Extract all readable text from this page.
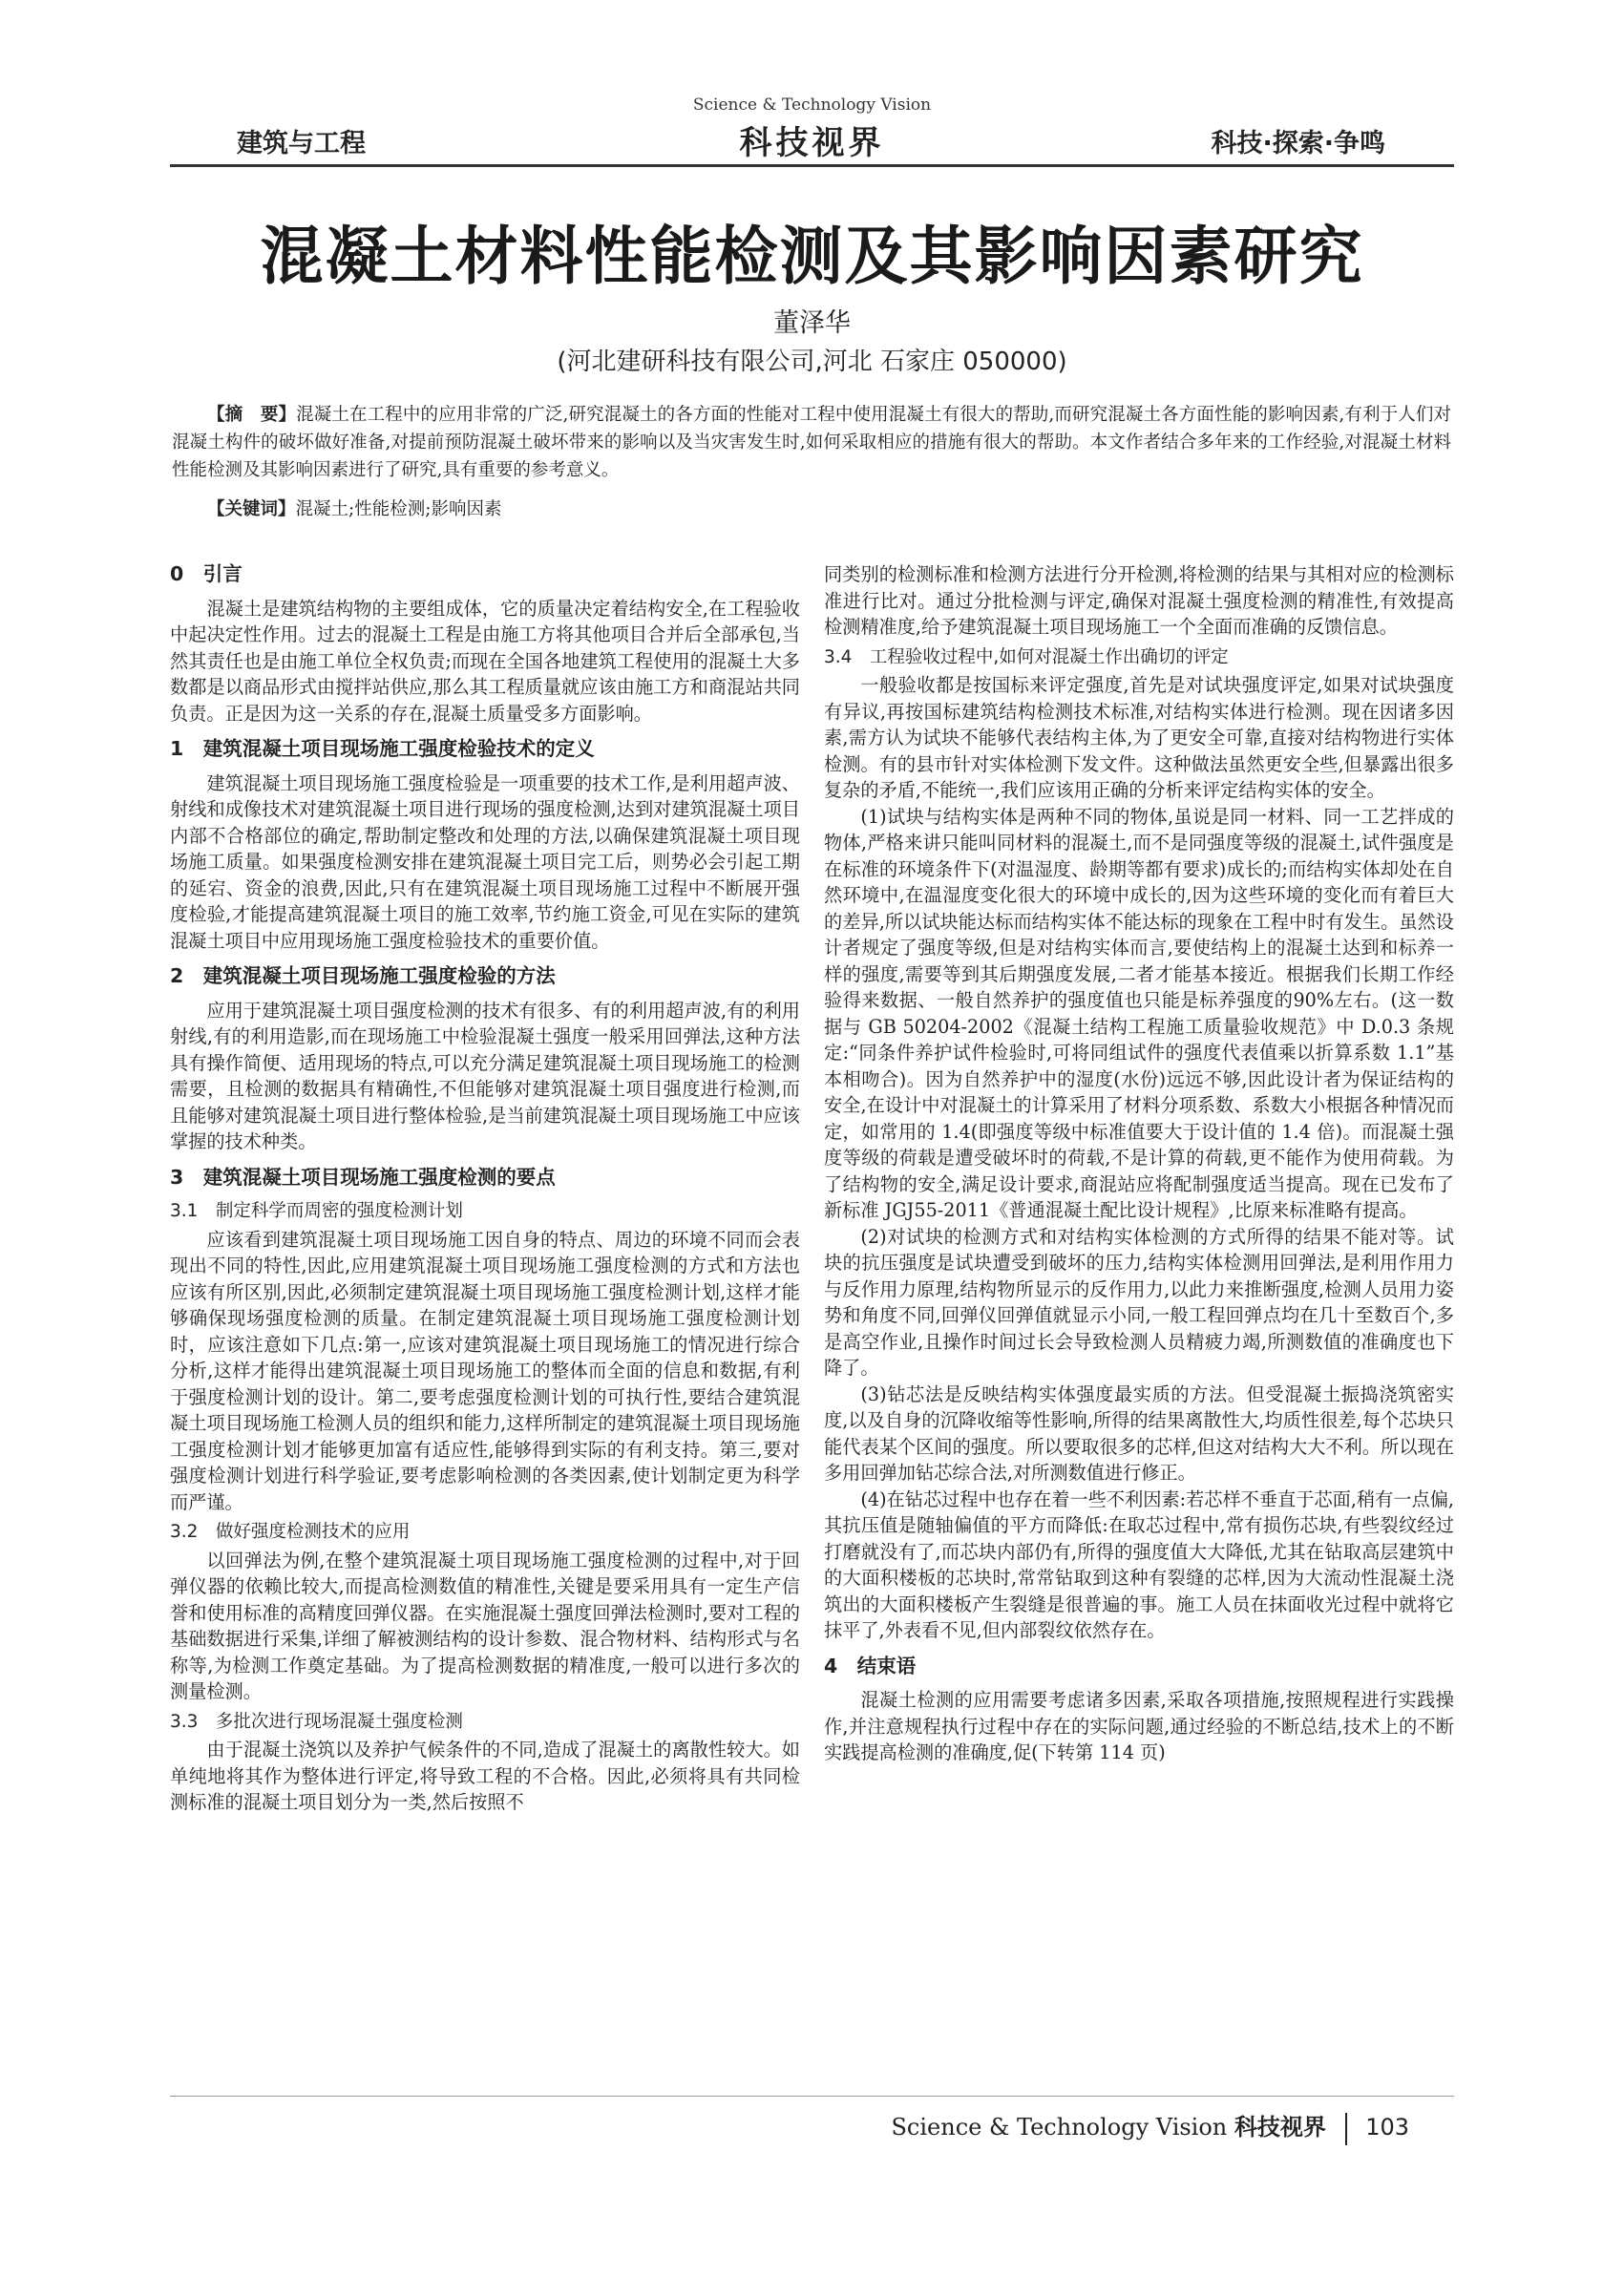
Science & Technology Vision
建筑与工程	科技视界	科技·探索·争鸣
混凝土材料性能检测及其影响因素研究
董泽华
(河北建研科技有限公司,河北 石家庄 050000)
【摘　要】混凝土在工程中的应用非常的广泛,研究混凝土的各方面的性能对工程中使用混凝土有很大的帮助,而研究混凝土各方面性能的影响因素,有利于人们对混凝土构件的破坏做好准备,对提前预防混凝土破坏带来的影响以及当灾害发生时,如何采取相应的措施有很大的帮助。本文作者结合多年来的工作经验,对混凝土材料性能检测及其影响因素进行了研究,具有重要的参考意义。
【关键词】混凝土;性能检测;影响因素
0　引言

混凝土是建筑结构物的主要组成体，它的质量决定着结构安全,在工程验收中起决定性作用。过去的混凝土工程是由施工方将其他项目合并后全部承包,当然其责任也是由施工单位全权负责;而现在全国各地建筑工程使用的混凝土大多数都是以商品形式由搅拌站供应,那么其工程质量就应该由施工方和商混站共同负责。正是因为这一关系的存在,混凝土质量受多方面影响。

1　建筑混凝土项目现场施工强度检验技术的定义

建筑混凝土项目现场施工强度检验是一项重要的技术工作,是利用超声波、射线和成像技术对建筑混凝土项目进行现场的强度检测,达到对建筑混凝土项目内部不合格部位的确定,帮助制定整改和处理的方法,以确保建筑混凝土项目现场施工质量。如果强度检测安排在建筑混凝土项目完工后，则势必会引起工期的延宕、资金的浪费,因此,只有在建筑混凝土项目现场施工过程中不断展开强度检验,才能提高建筑混凝土项目的施工效率,节约施工资金,可见在实际的建筑混凝土项目中应用现场施工强度检验技术的重要价值。

2　建筑混凝土项目现场施工强度检验的方法

应用于建筑混凝土项目强度检测的技术有很多、有的利用超声波,有的利用射线,有的利用造影,而在现场施工中检验混凝土强度一般采用回弹法,这种方法具有操作简便、适用现场的特点,可以充分满足建筑混凝土项目现场施工的检测需要，且检测的数据具有精确性,不但能够对建筑混凝土项目强度进行检测,而且能够对建筑混凝土项目进行整体检验,是当前建筑混凝土项目现场施工中应该掌握的技术种类。

3　建筑混凝土项目现场施工强度检测的要点
3.1　制定科学而周密的强度检测计划

应该看到建筑混凝土项目现场施工因自身的特点、周边的环境不同而会表现出不同的特性,因此,应用建筑混凝土项目现场施工强度检测的方式和方法也应该有所区别,因此,必须制定建筑混凝土项目现场施工强度检测计划,这样才能够确保现场强度检测的质量。在制定建筑混凝土项目现场施工强度检测计划时，应该注意如下几点:第一,应该对建筑混凝土项目现场施工的情况进行综合分析,这样才能得出建筑混凝土项目现场施工的整体而全面的信息和数据,有利于强度检测计划的设计。第二,要考虑强度检测计划的可执行性,要结合建筑混凝土项目现场施工检测人员的组织和能力,这样所制定的建筑混凝土项目现场施工强度检测计划才能够更加富有适应性,能够得到实际的有利支持。第三,要对强度检测计划进行科学验证,要考虑影响检测的各类因素,使计划制定更为科学而严谨。

3.2　做好强度检测技术的应用

以回弹法为例,在整个建筑混凝土项目现场施工强度检测的过程中,对于回弹仪器的依赖比较大,而提高检测数值的精准性,关键是要采用具有一定生产信誉和使用标准的高精度回弹仪器。在实施混凝土强度回弹法检测时,要对工程的基础数据进行采集,详细了解被测结构的设计参数、混合物材料、结构形式与名称等,为检测工作奠定基础。为了提高检测数据的精准度,一般可以进行多次的测量检测。

3.3　多批次进行现场混凝土强度检测

由于混凝土浇筑以及养护气候条件的不同,造成了混凝土的离散性较大。如单纯地将其作为整体进行评定,将导致工程的不合格。因此,必须将具有共同检测标准的混凝土项目划分为一类,然后按照不

同类别的检测标准和检测方法进行分开检测,将检测的结果与其相对应的检测标准进行比对。通过分批检测与评定,确保对混凝土强度检测的精准性,有效提高检测精准度,给予建筑混凝土项目现场施工一个全面而准确的反馈信息。

3.4　工程验收过程中,如何对混凝土作出确切的评定

一般验收都是按国标来评定强度,首先是对试块强度评定,如果对试块强度有异议,再按国标建筑结构检测技术标准,对结构实体进行检测。现在因诸多因素,需方认为试块不能够代表结构主体,为了更安全可靠,直接对结构物进行实体检测。有的县市针对实体检测下发文件。这种做法虽然更安全些,但暴露出很多复杂的矛盾,不能统一,我们应该用正确的分析来评定结构实体的安全。

(1)试块与结构实体是两种不同的物体,虽说是同一材料、同一工艺拌成的物体,严格来讲只能叫同材料的混凝土,而不是同强度等级的混凝土,试件强度是在标准的环境条件下(对温湿度、龄期等都有要求)成长的;而结构实体却处在自然环境中,在温湿度变化很大的环境中成长的,因为这些环境的变化而有着巨大的差异,所以试块能达标而结构实体不能达标的现象在工程中时有发生。虽然设计者规定了强度等级,但是对结构实体而言,要使结构上的混凝土达到和标养一样的强度,需要等到其后期强度发展,二者才能基本接近。根据我们长期工作经验得来数据、一般自然养护的强度值也只能是标养强度的90%左右。(这一数据与 GB 50204-2002《混凝土结构工程施工质量验收规范》中 D.0.3 条规定:“同条件养护试件检验时,可将同组试件的强度代表值乘以折算系数 1.1”基本相吻合)。因为自然养护中的湿度(水份)远远不够,因此设计者为保证结构的安全,在设计中对混凝土的计算采用了材料分项系数、系数大小根据各种情况而定，如常用的 1.4(即强度等级中标准值要大于设计值的 1.4 倍)。而混凝土强度等级的荷载是遭受破坏时的荷载,不是计算的荷载,更不能作为使用荷载。为了结构物的安全,满足设计要求,商混站应将配制强度适当提高。现在已发布了新标准 JGJ55-2011《普通混凝土配比设计规程》,比原来标准略有提高。

(2)对试块的检测方式和对结构实体检测的方式所得的结果不能对等。试块的抗压强度是试块遭受到破坏的压力,结构实体检测用回弹法,是利用作用力与反作用力原理,结构物所显示的反作用力,以此力来推断强度,检测人员用力姿势和角度不同,回弹仪回弹值就显示小同,一般工程回弹点均在几十至数百个,多是高空作业,且操作时间过长会导致检测人员精疲力竭,所测数值的准确度也下降了。

(3)钻芯法是反映结构实体强度最实质的方法。但受混凝土振捣浇筑密实度,以及自身的沉降收缩等性影响,所得的结果离散性大,均质性很差,每个芯块只能代表某个区间的强度。所以要取很多的芯样,但这对结构大大不利。所以现在多用回弹加钻芯综合法,对所测数值进行修正。

(4)在钻芯过程中也存在着一些不利因素:若芯样不垂直于芯面,稍有一点偏,其抗压值是随轴偏值的平方而降低:在取芯过程中,常有损伤芯块,有些裂纹经过打磨就没有了,而芯块内部仍有,所得的强度值大大降低,尤其在钻取高层建筑中的大面积楼板的芯块时,常常钻取到这种有裂缝的芯样,因为大流动性混凝土浇筑出的大面积楼板产生裂缝是很普遍的事。施工人员在抹面收光过程中就将它抹平了,外表看不见,但内部裂纹依然存在。

4　结束语

混凝土检测的应用需要考虑诸多因素,采取各项措施,按照规程进行实践操作,并注意规程执行过程中存在的实际问题,通过经验的不断总结,技术上的不断实践提高检测的准确度,促(下转第 114 页)

Science & Technology Vision 科技视界 103
